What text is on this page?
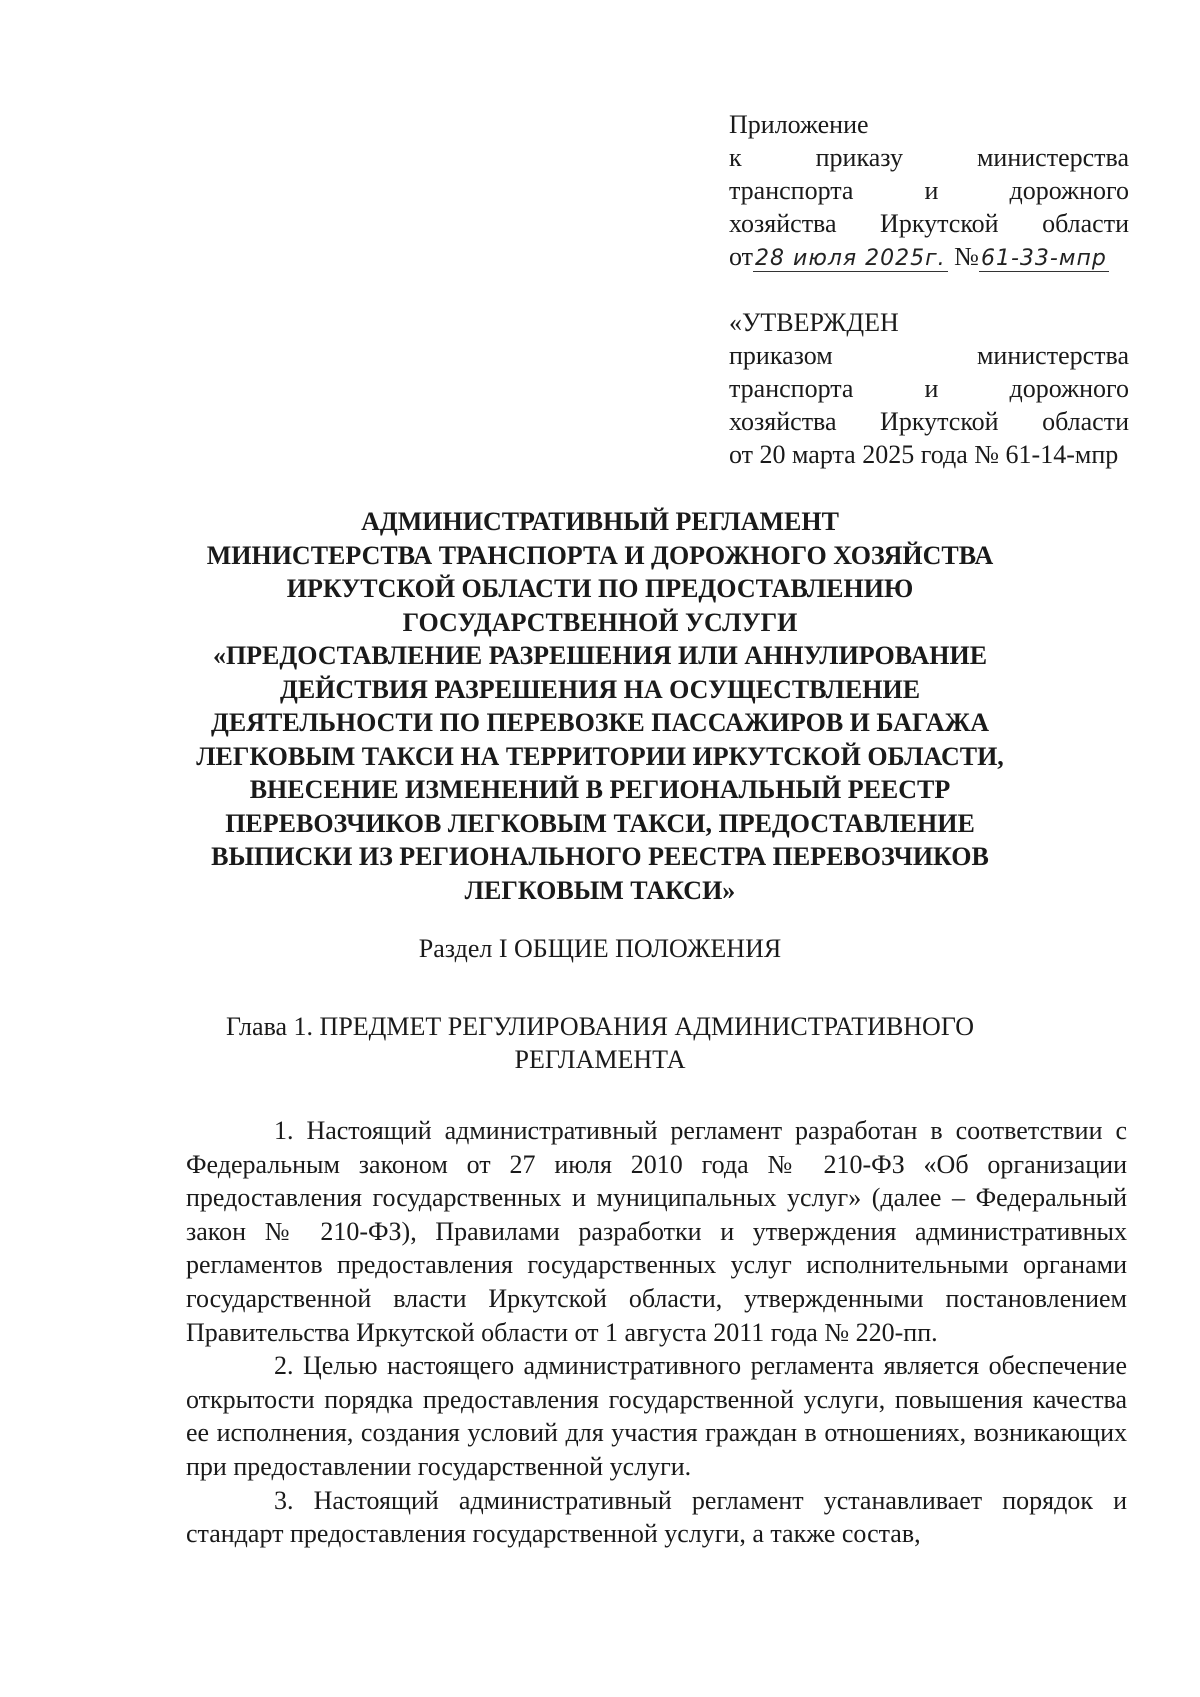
Приложение
к приказу министерства
транспорта и дорожного
хозяйства Иркутской области
от28 июля 2025г. №61-33-мпр
«УТВЕРЖДЕН
приказом министерства
транспорта и дорожного
хозяйства Иркутской области
от 20 марта 2025 года № 61-14-мпр
АДМИНИСТРАТИВНЫЙ РЕГЛАМЕНТ
МИНИСТЕРСТВА ТРАНСПОРТА И ДОРОЖНОГО ХОЗЯЙСТВА
ИРКУТСКОЙ ОБЛАСТИ ПО ПРЕДОСТАВЛЕНИЮ
ГОСУДАРСТВЕННОЙ УСЛУГИ
«ПРЕДОСТАВЛЕНИЕ РАЗРЕШЕНИЯ ИЛИ АННУЛИРОВАНИЕ
ДЕЙСТВИЯ РАЗРЕШЕНИЯ НА ОСУЩЕСТВЛЕНИЕ
ДЕЯТЕЛЬНОСТИ ПО ПЕРЕВОЗКЕ ПАССАЖИРОВ И БАГАЖА
ЛЕГКОВЫМ ТАКСИ НА ТЕРРИТОРИИ ИРКУТСКОЙ ОБЛАСТИ,
ВНЕСЕНИЕ ИЗМЕНЕНИЙ В РЕГИОНАЛЬНЫЙ РЕЕСТР
ПЕРЕВОЗЧИКОВ ЛЕГКОВЫМ ТАКСИ, ПРЕДОСТАВЛЕНИЕ
ВЫПИСКИ ИЗ РЕГИОНАЛЬНОГО РЕЕСТРА ПЕРЕВОЗЧИКОВ
ЛЕГКОВЫМ ТАКСИ»
Раздел I ОБЩИЕ ПОЛОЖЕНИЯ
Глава 1. ПРЕДМЕТ РЕГУЛИРОВАНИЯ АДМИНИСТРАТИВНОГО
РЕГЛАМЕНТА

1. Настоящий административный регламент разработан в соответствии с Федеральным законом от 27 июля 2010 года № 210-ФЗ «Об организации предоставления государственных и муниципальных услуг» (далее – Федеральный закон № 210-ФЗ), Правилами разработки и утверждения административных регламентов предоставления государственных услуг исполнительными органами государственной власти Иркутской области, утвержденными постановлением Правительства Иркутской области от 1 августа 2011 года № 220-пп.

2. Целью настоящего административного регламента является обеспечение открытости порядка предоставления государственной услуги, повышения качества ее исполнения, создания условий для участия граждан в отношениях, возникающих при предоставлении государственной услуги.

3. Настоящий административный регламент устанавливает порядок и стандарт предоставления государственной услуги, а также состав,
